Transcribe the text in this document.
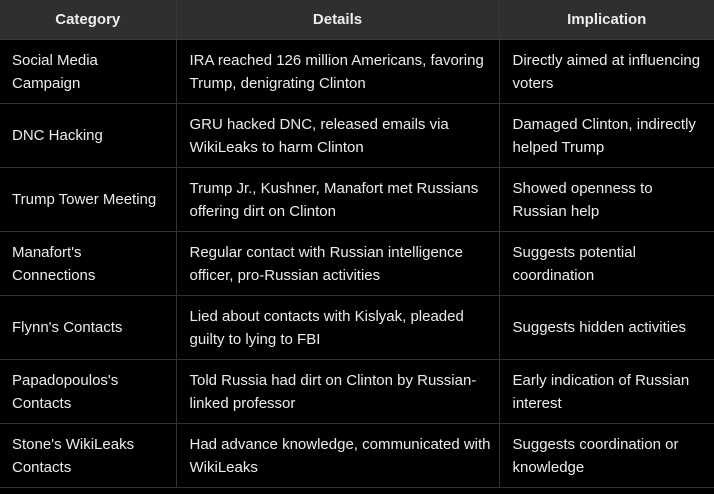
Category	Details	Implication
Social Media Campaign	IRA reached 126 million Americans, favoring Trump, denigrating Clinton	Directly aimed at influencing voters
DNC Hacking	GRU hacked DNC, released emails via WikiLeaks to harm Clinton	Damaged Clinton, indirectly helped Trump
Trump Tower Meeting	Trump Jr., Kushner, Manafort met Russians offering dirt on Clinton	Showed openness to Russian help
Manafort's Connections	Regular contact with Russian intelligence officer, pro-Russian activities	Suggests potential coordination
Flynn's Contacts	Lied about contacts with Kislyak, pleaded guilty to lying to FBI	Suggests hidden activities
Papadopoulos's Contacts	Told Russia had dirt on Clinton by Russian-linked professor	Early indication of Russian interest
Stone's WikiLeaks Contacts	Had advance knowledge, communicated with WikiLeaks	Suggests coordination or knowledge
